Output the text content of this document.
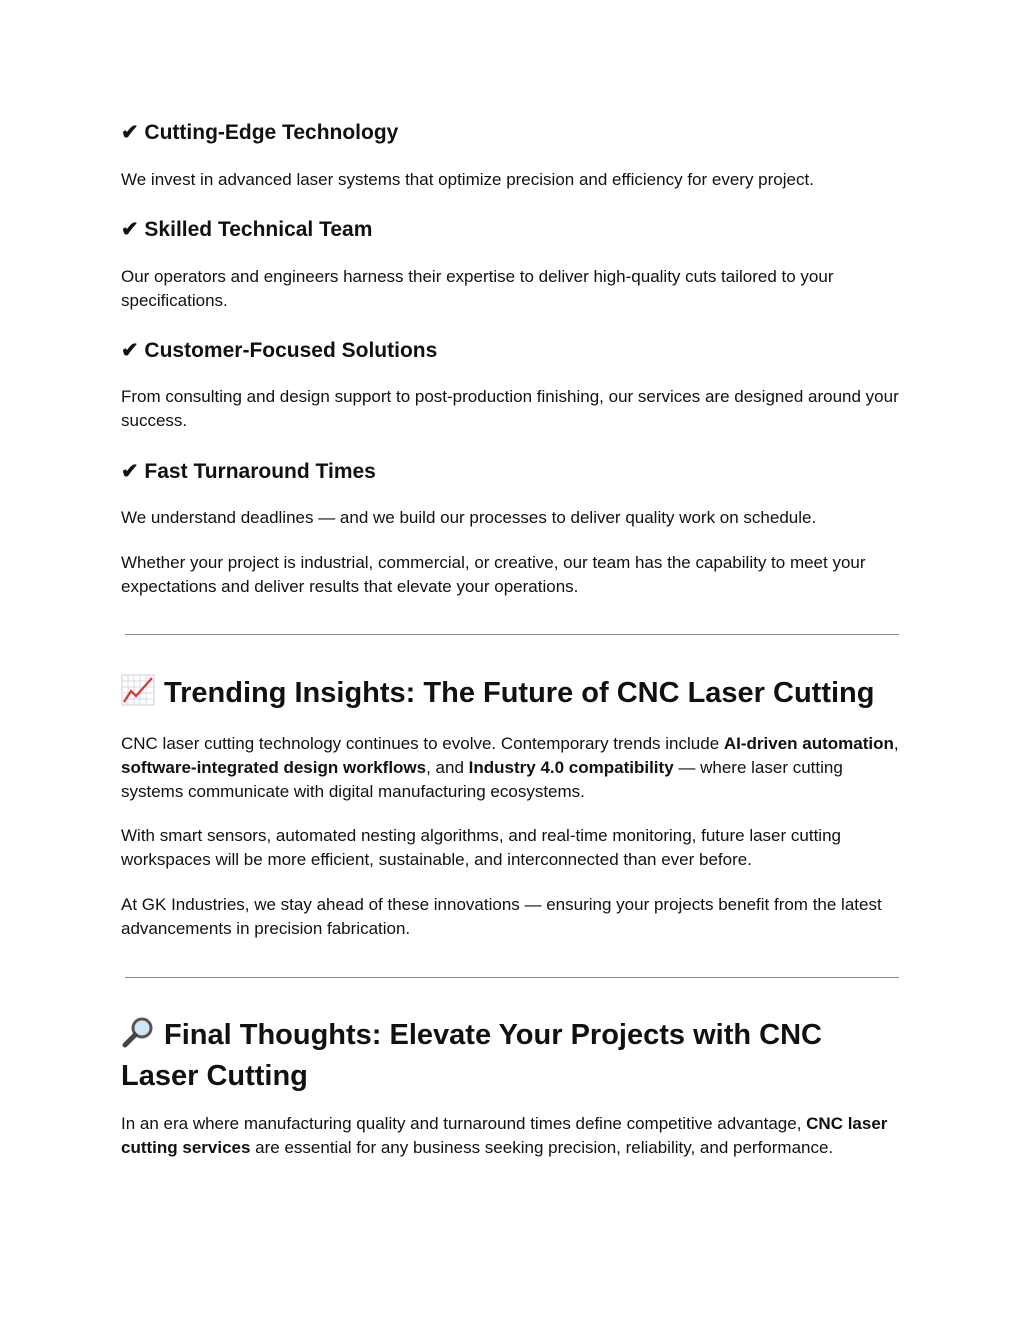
✔ Cutting-Edge Technology

We invest in advanced laser systems that optimize precision and efficiency for every project.

✔ Skilled Technical Team

Our operators and engineers harness their expertise to deliver high-quality cuts tailored to your specifications.

✔ Customer-Focused Solutions

From consulting and design support to post-production finishing, our services are designed around your success.

✔ Fast Turnaround Times

We understand deadlines — and we build our processes to deliver quality work on schedule.

Whether your project is industrial, commercial, or creative, our team has the capability to meet your expectations and deliver results that elevate your operations.

Trending Insights: The Future of CNC Laser Cutting

CNC laser cutting technology continues to evolve. Contemporary trends include AI-driven automation, software-integrated design workflows, and Industry 4.0 compatibility — where laser cutting systems communicate with digital manufacturing ecosystems.

With smart sensors, automated nesting algorithms, and real-time monitoring, future laser cutting workspaces will be more efficient, sustainable, and interconnected than ever before.

At GK Industries, we stay ahead of these innovations — ensuring your projects benefit from the latest advancements in precision fabrication.

Final Thoughts: Elevate Your Projects with CNC Laser Cutting

In an era where manufacturing quality and turnaround times define competitive advantage, CNC laser cutting services are essential for any business seeking precision, reliability, and performance.
